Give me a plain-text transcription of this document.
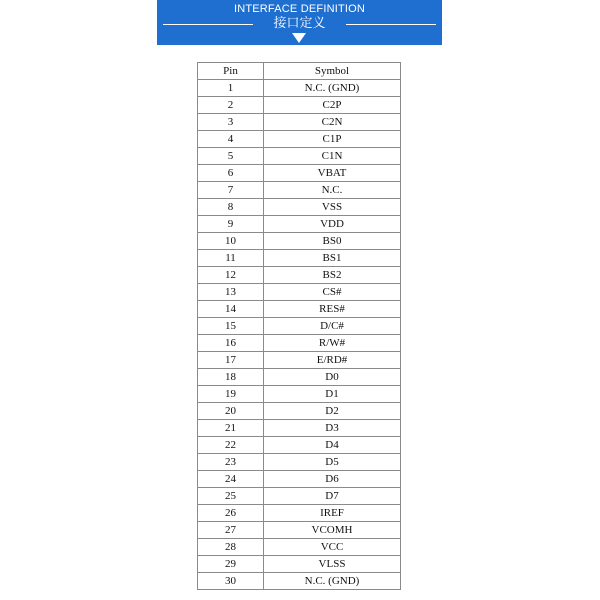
INTERFACE DEFINITION
接口定义
Pin	Symbol
1	N.C. (GND)
2	C2P
3	C2N
4	C1P
5	C1N
6	VBAT
7	N.C.
8	VSS
9	VDD
10	BS0
11	BS1
12	BS2
13	CS#
14	RES#
15	D/C#
16	R/W#
17	E/RD#
18	D0
19	D1
20	D2
21	D3
22	D4
23	D5
24	D6
25	D7
26	IREF
27	VCOMH
28	VCC
29	VLSS
30	N.C. (GND)
